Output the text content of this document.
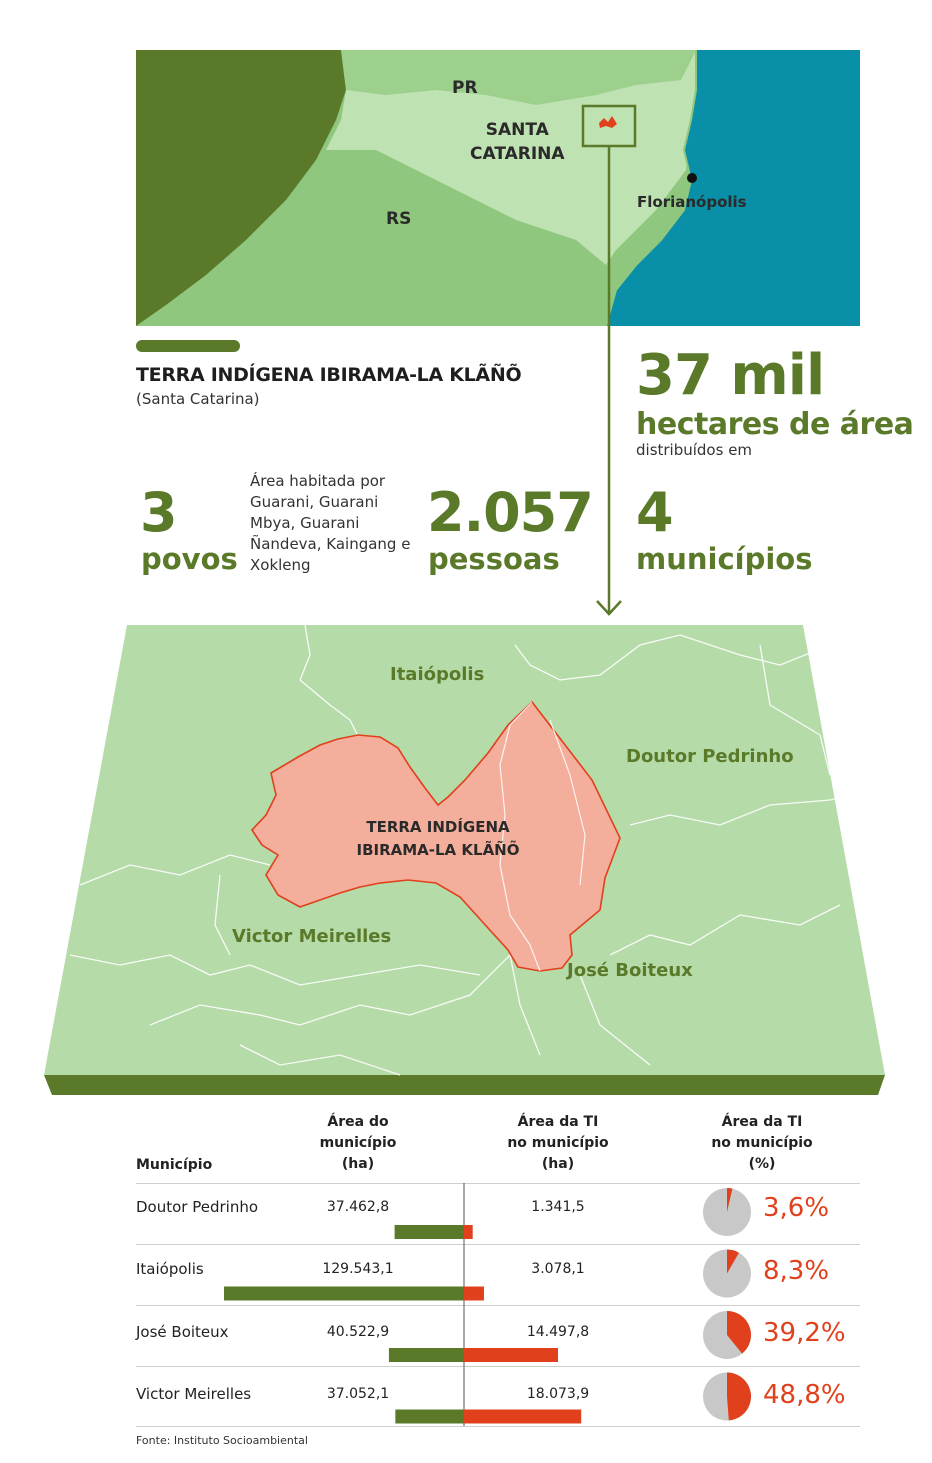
PR
SANTA
CATARINA
RS
Florianópolis
TERRA INDÍGENA IBIRAMA-LA KLÃÑÕ
(Santa Catarina)	37 mil
hectares de área
distribuídos em
3
povos
Área habitada por
Guarani, Guarani
Mbya, Guarani
Ñandeva, Kaingang e
Xokleng
2.057
pessoas
4
municípios
TERRA INDÍGENA
IBIRAMA-LA KLÃÑÕ
Itaiópolis
Doutor Pedrinho
Victor Meirelles
José Boiteux
Município
Área do
município
(ha)
Área da TI
no município
(ha)
Área da TI
no município
(%)
Doutor Pedrinho	37.462,8	1.341,5	3,6%
Itaiópolis	129.543,1	3.078,1	8,3%
José Boiteux	40.522,9	14.497,8	39,2%
Victor Meirelles	37.052,1	18.073,9	48,8%
Fonte: Instituto Socioambiental
